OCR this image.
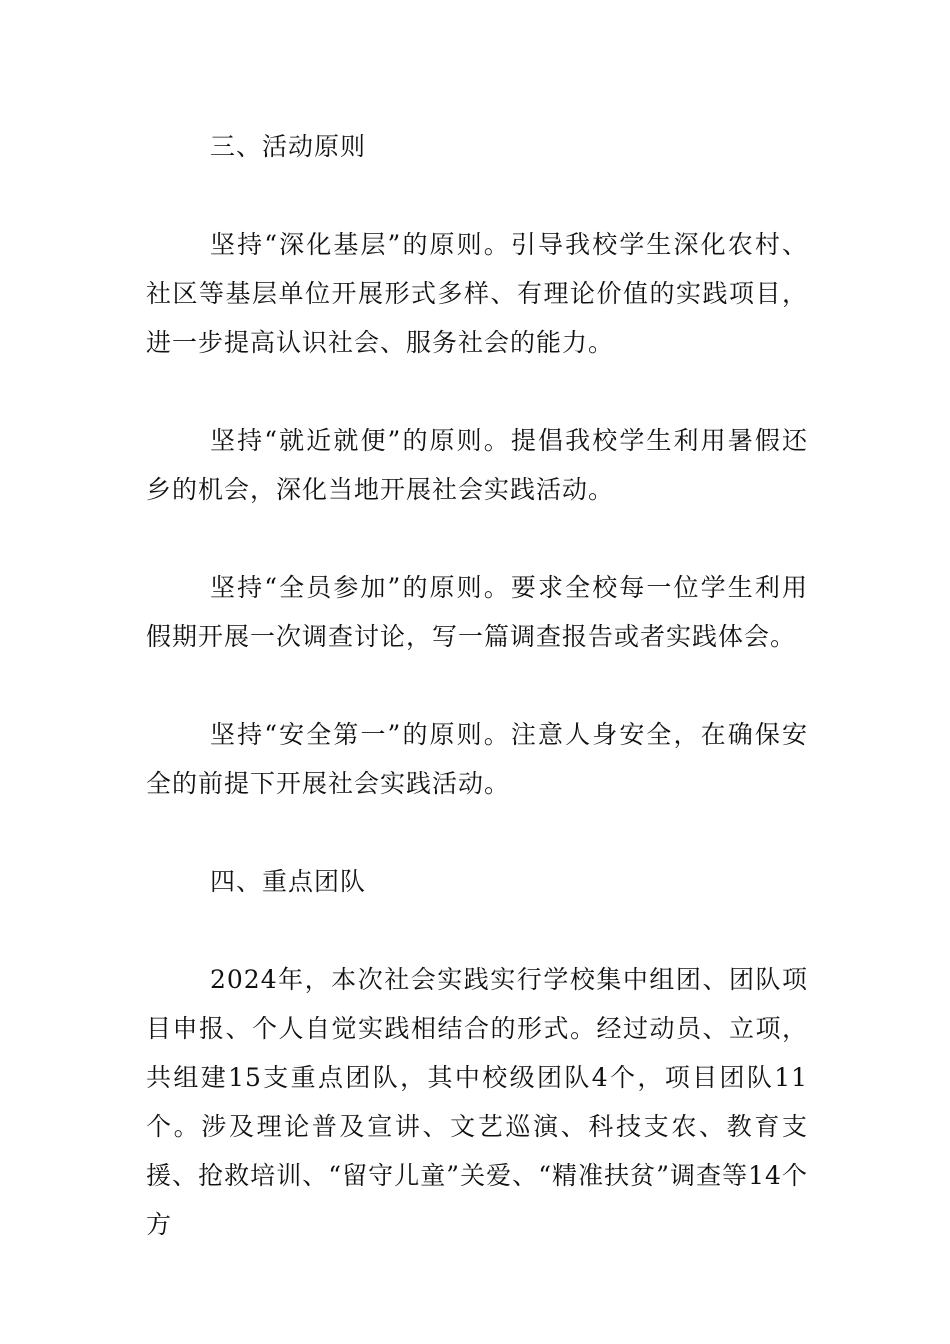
三、活动原则

坚持“深化基层”的原则。引导我校学生深化农村、社区等基层单位开展形式多样、有理论价值的实践项目，进一步提高认识社会、服务社会的能力。

坚持“就近就便”的原则。提倡我校学生利用暑假还乡的机会，深化当地开展社会实践活动。

坚持“全员参加”的原则。要求全校每一位学生利用假期开展一次调查讨论，写一篇调查报告或者实践体会。

坚持“安全第一”的原则。注意人身安全，在确保安全的前提下开展社会实践活动。

四、重点团队

2024年，本次社会实践实行学校集中组团、团队项目申报、个人自觉实践相结合的形式。经过动员、立项，共组建15支重点团队，其中校级团队4个，项目团队11个。涉及理论普及宣讲、文艺巡演、科技支农、教育支援、抢救培训、“留守儿童”关爱、“精准扶贫”调查等14个方
